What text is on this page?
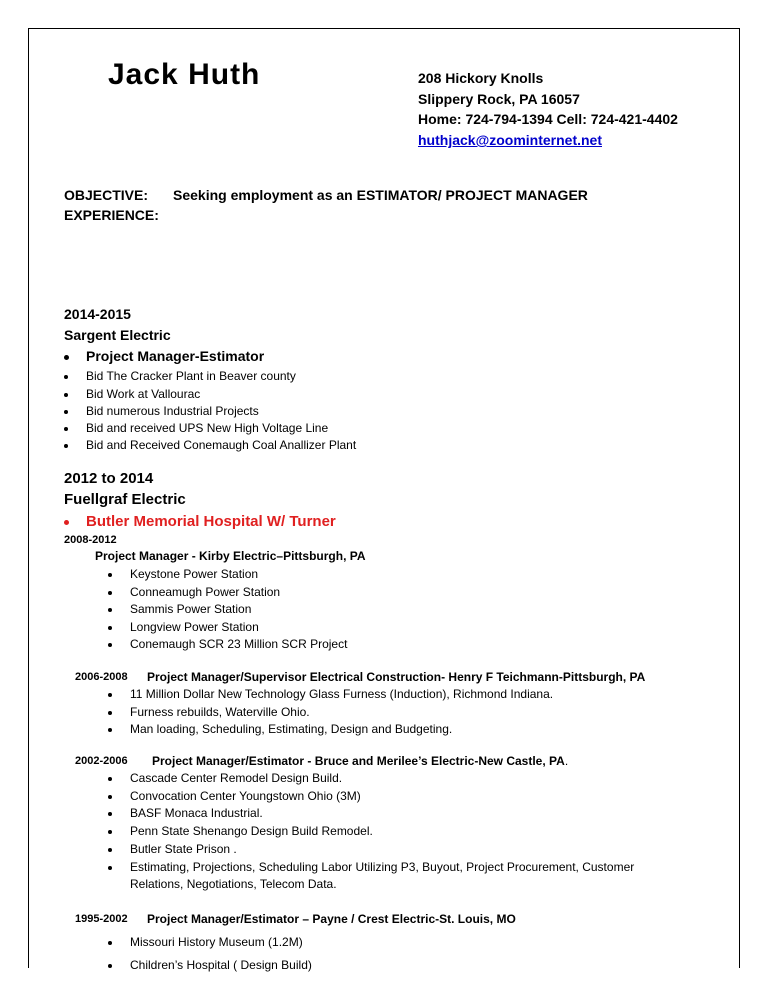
Jack Huth	208 Hickory Knolls
Slippery Rock, PA 16057
Home: 724-794-1394 Cell: 724-421-4402
huthjack@zoominternet.net
OBJECTIVE: Seeking employment as an ESTIMATOR/ PROJECT MANAGER
EXPERIENCE:
2014-2015
Sargent Electric
Project Manager-Estimator
Bid The Cracker Plant in Beaver county
Bid Work at Vallourac
Bid numerous Industrial Projects
Bid and received UPS New High Voltage Line
Bid and Received Conemaugh Coal Anallizer Plant
2012 to 2014
Fuellgraf Electric
Butler Memorial Hospital W/ Turner
2008-2012
Project Manager - Kirby Electric–Pittsburgh, PA
Keystone Power Station
Conneamugh Power Station
Sammis Power Station
Longview Power Station
Conemaugh SCR 23 Million SCR Project
2006-2008 Project Manager/Supervisor Electrical Construction- Henry F Teichmann-Pittsburgh, PA
11 Million Dollar New Technology Glass Furness (Induction), Richmond Indiana.
Furness rebuilds, Waterville Ohio.
Man loading, Scheduling, Estimating, Design and Budgeting.
2002-2006 Project Manager/Estimator - Bruce and Merilee’s Electric-New Castle, PA.
Cascade Center Remodel Design Build.
Convocation Center Youngstown Ohio (3M)
BASF Monaca Industrial.
Penn State Shenango Design Build Remodel.
Butler State Prison .
Estimating, Projections, Scheduling Labor Utilizing P3, Buyout, Project Procurement, Customer
Relations, Negotiations, Telecom Data.
1995-2002 Project Manager/Estimator – Payne / Crest Electric-St. Louis, MO
Missouri History Museum (1.2M)
Children’s Hospital ( Design Build)
